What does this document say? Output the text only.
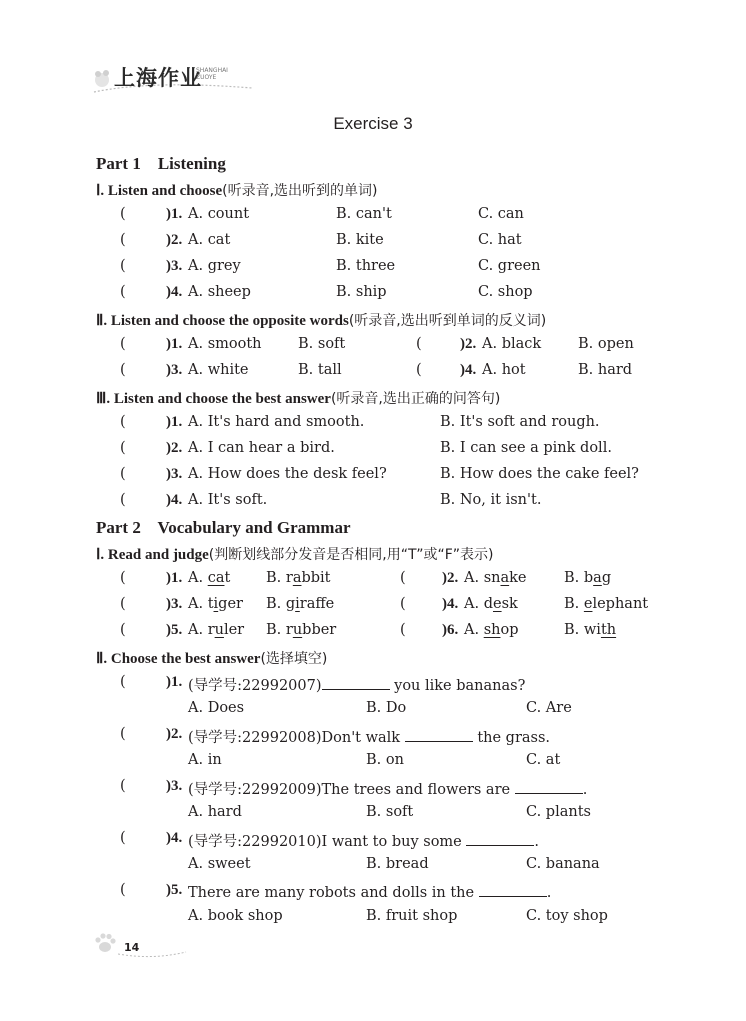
上海作业
SHANGHAI
ZUOYE
Exercise 3
Part 1    Listening
Ⅰ. Listen and choose(听录音,选出听到的单词)
(	)1. A. count	B. can't	C. can
(	)2. A. cat	B. kite	C. hat
(	)3. A. grey	B. three	C. green
(	)4. A. sheep	B. ship	C. shop
Ⅱ. Listen and choose the opposite words(听录音,选出听到单词的反义词)
(	)1. A. smooth	B. soft	(	)2. A. black	B. open
(	)3. A. white	B. tall	(	)4. A. hot	B. hard
Ⅲ. Listen and choose the best answer(听录音,选出正确的问答句)
(	)1. A. It's hard and smooth.	B. It's soft and rough.
(	)2. A. I can hear a bird.	B. I can see a pink doll.
(	)3. A. How does the desk feel?	B. How does the cake feel?
(	)4. A. It's soft.	B. No, it isn't.
Part 2    Vocabulary and Grammar
Ⅰ. Read and judge(判断划线部分发音是否相同,用“T”或“F”表示)
(	)1. A. cat B. rabbit	( )2. A. snake	B. bag
(	)3. A. tiger B. giraffe	( )4. A. desk	B. elephant
(	)5. A. ruler B. rubber	( )6. A. shop	B. with
Ⅱ. Choose the best answer(选择填空)
(	)1. (导学号:22992007)	you like bananas?
A. Does	B. Do	C. Are
(	)2. (导学号:22992008)Don't walk	the grass.
A. in	B. on	C. at
(	)3. (导学号:22992009)The trees and flowers are	.
A. hard	B. soft	C. plants
(	)4. (导学号:22992010)I want to buy some	.
A. sweet	B. bread	C. banana
(	)5. There are many robots and dolls in the	.
A. book shop	B. fruit shop	C. toy shop
14
